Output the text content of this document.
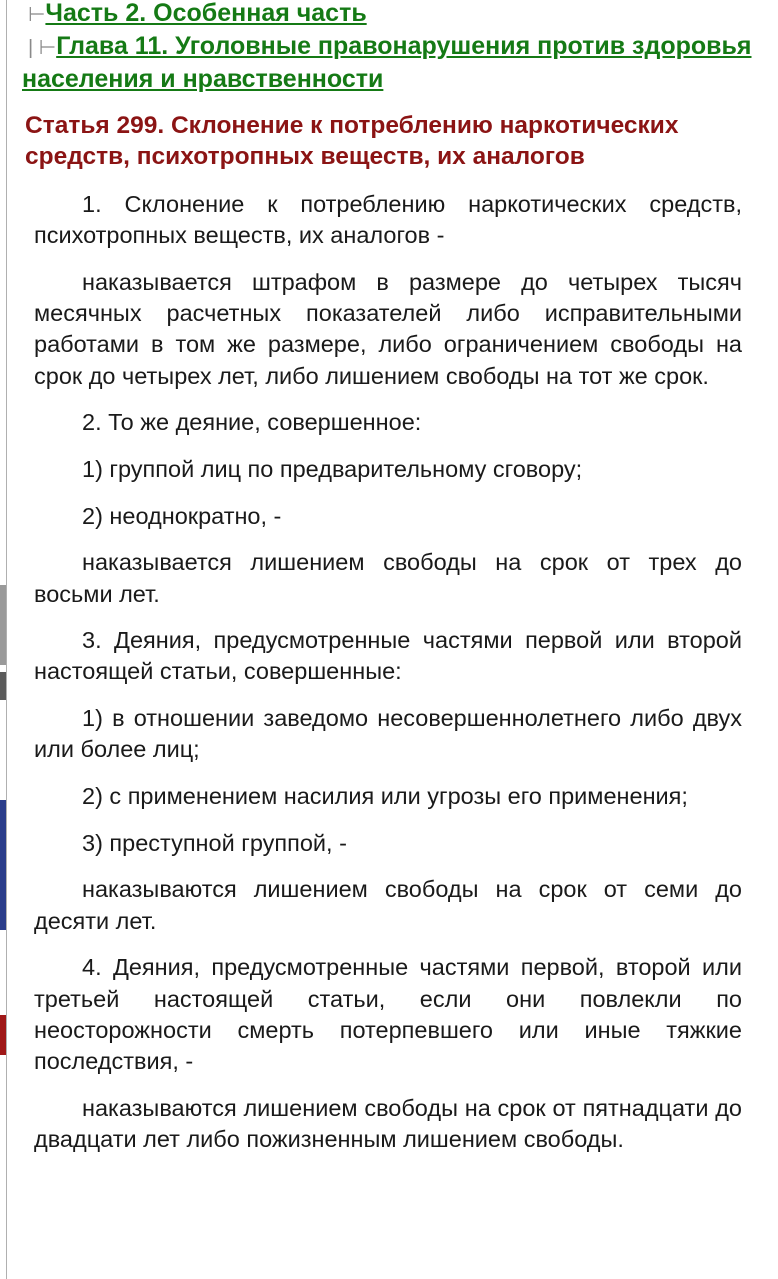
⊢Часть 2. Особенная часть
| ⊢Глава 11. Уголовные правонарушения против здоровья населения и нравственности
Статья 299. Склонение к потреблению наркотических средств, психотропных веществ, их аналогов

1. Склонение к потреблению наркотических средств, психотропных веществ, их аналогов -

наказывается штрафом в размере до четырех тысяч месячных расчетных показателей либо исправительными работами в том же размере, либо ограничением свободы на срок до четырех лет, либо лишением свободы на тот же срок.

2. То же деяние, совершенное:

1) группой лиц по предварительному сговору;

2) неоднократно, -

наказывается лишением свободы на срок от трех до восьми лет.

3. Деяния, предусмотренные частями первой или второй настоящей статьи, совершенные:

1) в отношении заведомо несовершеннолетнего либо двух или более лиц;

2) с применением насилия или угрозы его применения;

3) преступной группой, -

наказываются лишением свободы на срок от семи до десяти лет.

4. Деяния, предусмотренные частями первой, второй или третьей настоящей статьи, если они повлекли по неосторожности смерть потерпевшего или иные тяжкие последствия, -

наказываются лишением свободы на срок от пятнадцати до двадцати лет либо пожизненным лишением свободы.
